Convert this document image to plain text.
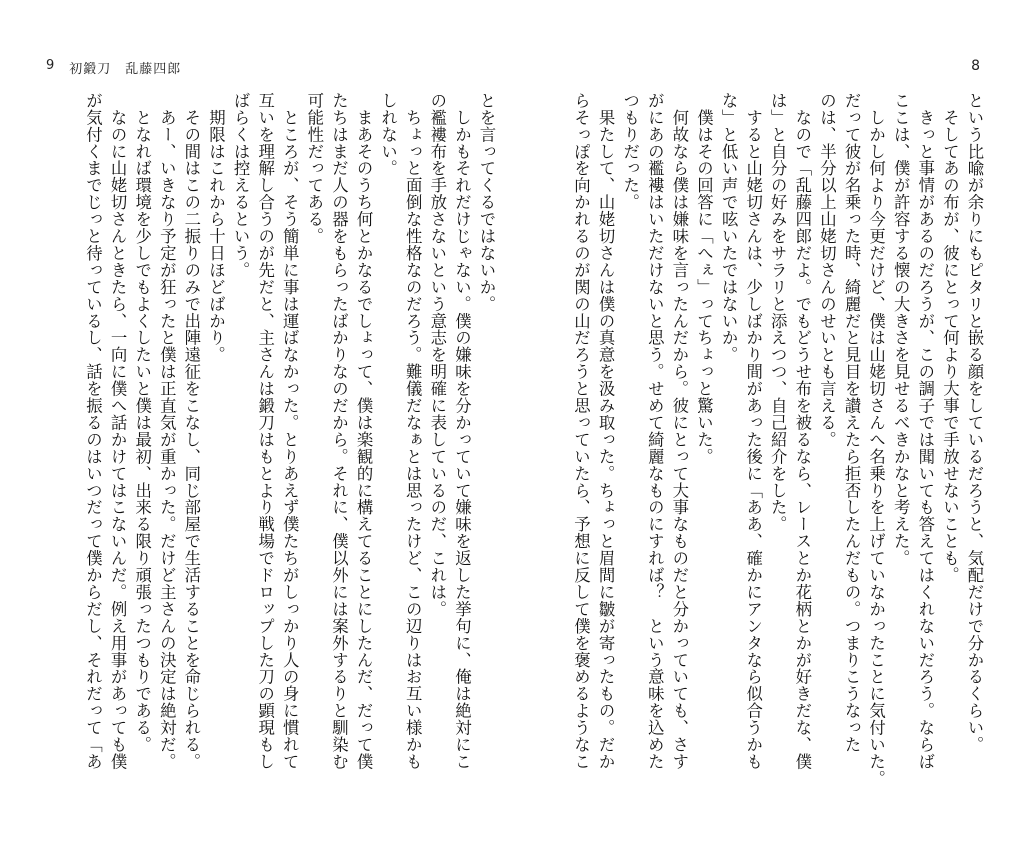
9 初鍛刀　乱藤四郎
とを言ってくるではないか。
　しかもそれだけじゃない。僕の嫌味を分かっていて嫌味を返した挙句に、俺は絶対にこ
の襤褸布を手放さないという意志を明確に表しているのだ、これは。
　ちょっと面倒な性格なのだろう。難儀だなぁとは思ったけど、この辺りはお互い様かも
しれない。
　まあそのうち何とかなるでしょって、僕は楽観的に構えてることにしたんだ、だって僕
たちはまだ人の器をもらったばかりなのだから。それに、僕以外には案外するりと馴染む
可能性だってある。
　ところが、そう簡単に事は運ばなかった。とりあえず僕たちがしっかり人の身に慣れて
互いを理解し合うのが先だと、主さんは鍛刀はもとより戦場でドロップした刀の顕現もし
ばらくは控えるという。
　期限はこれから十日ほどばかり。
　その間はこの二振りのみで出陣遠征をこなし、同じ部屋で生活することを命じられる。
　あー、いきなり予定が狂ったと僕は正直気が重かった。だけど主さんの決定は絶対だ。
　となれば環境を少しでもよくしたいと僕は最初、出来る限り頑張ったつもりである。
　なのに山姥切さんときたら、一向に僕へ話かけてはこないんだ。例え用事があっても僕
が気付くまでじっと待っているし、話を振るのはいつだって僕からだし、それだって「あ
8
という比喩が余りにもピタリと嵌る顔をしているだろうと、気配だけで分かるくらい。
　そしてあの布が、彼にとって何より大事で手放せないことも。
　きっと事情があるのだろうが、この調子では聞いても答えてはくれないだろう。ならば
ここは、僕が許容する懐の大きさを見せるべきかなと考えた。
　しかし何より今更だけど、僕は山姥切さんへ名乗りを上げていなかったことに気付いた。
だって彼が名乗った時、綺麗だと見目を讃えたら拒否したんだもの。つまりこうなった
のは、半分以上山姥切さんのせいとも言える。
　なので「乱藤四郎だよ。でもどうせ布を被るなら、レースとか花柄とかが好きだな、僕
は」と自分の好みをサラリと添えつつ、自己紹介をした。
　すると山姥切さんは、少しばかり間があった後に「ああ、確かにアンタなら似合うかも
な」と低い声で呟いたではないか。
　僕はその回答に「へぇ」ってちょっと驚いた。
　何故なら僕は嫌味を言ったんだから。彼にとって大事なものだと分かっていても、さす
がにあの襤褸はいただけないと思う。せめて綺麗なものにすれば？　という意味を込めた
つもりだった。
　果たして、山姥切さんは僕の真意を汲み取った。ちょっと眉間に皺が寄ったもの。だか
らそっぽを向かれるのが関の山だろうと思っていたら、予想に反して僕を褒めるようなこ
